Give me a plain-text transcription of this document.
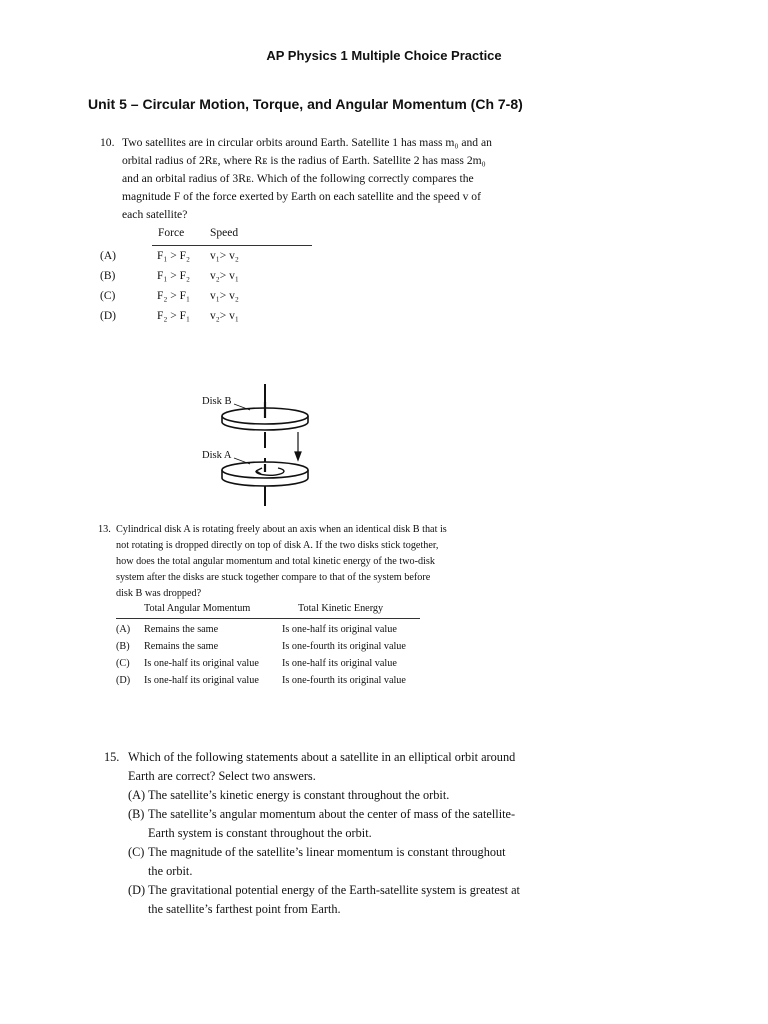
AP Physics 1 Multiple Choice Practice
Unit 5 – Circular Motion, Torque, and Angular Momentum (Ch 7-8)
10. Two satellites are in circular orbits around Earth. Satellite 1 has mass m₀ and an
orbital radius of 2Rᴇ, where Rᴇ is the radius of Earth. Satellite 2 has mass 2m₀
and an orbital radius of 3Rᴇ. Which of the following correctly compares the
magnitude F of the force exerted by Earth on each satellite and the speed v of
each satellite?
Force Speed
(A)	F₁ > F₂ v₁> v₂
(B)	F₁ > F₂ v₂> v₁
(C)	F₂ > F₁ v₁> v₂
(D)	F₂ > F₁ v₂> v₁
Disk B
Disk A
13. Cylindrical disk A is rotating freely about an axis when an identical disk B that is
not rotating is dropped directly on top of disk A. If the two disks stick together,
how does the total angular momentum and total kinetic energy of the two-disk
system after the disks are stuck together compare to that of the system before
disk B was dropped?
Total Angular Momentum	Total Kinetic Energy
(A) Remains the same	Is one-half its original value
(B) Remains the same	Is one-fourth its original value
(C) Is one-half its original value Is one-half its original value
(D) Is one-half its original value Is one-fourth its original value
15. Which of the following statements about a satellite in an elliptical orbit around
Earth are correct? Select two answers.
(A) The satellite’s kinetic energy is constant throughout the orbit.
(B) The satellite’s angular momentum about the center of mass of the satellite-
Earth system is constant throughout the orbit.
(C) The magnitude of the satellite’s linear momentum is constant throughout
the orbit.
(D) The gravitational potential energy of the Earth-satellite system is greatest at
the satellite’s farthest point from Earth.
